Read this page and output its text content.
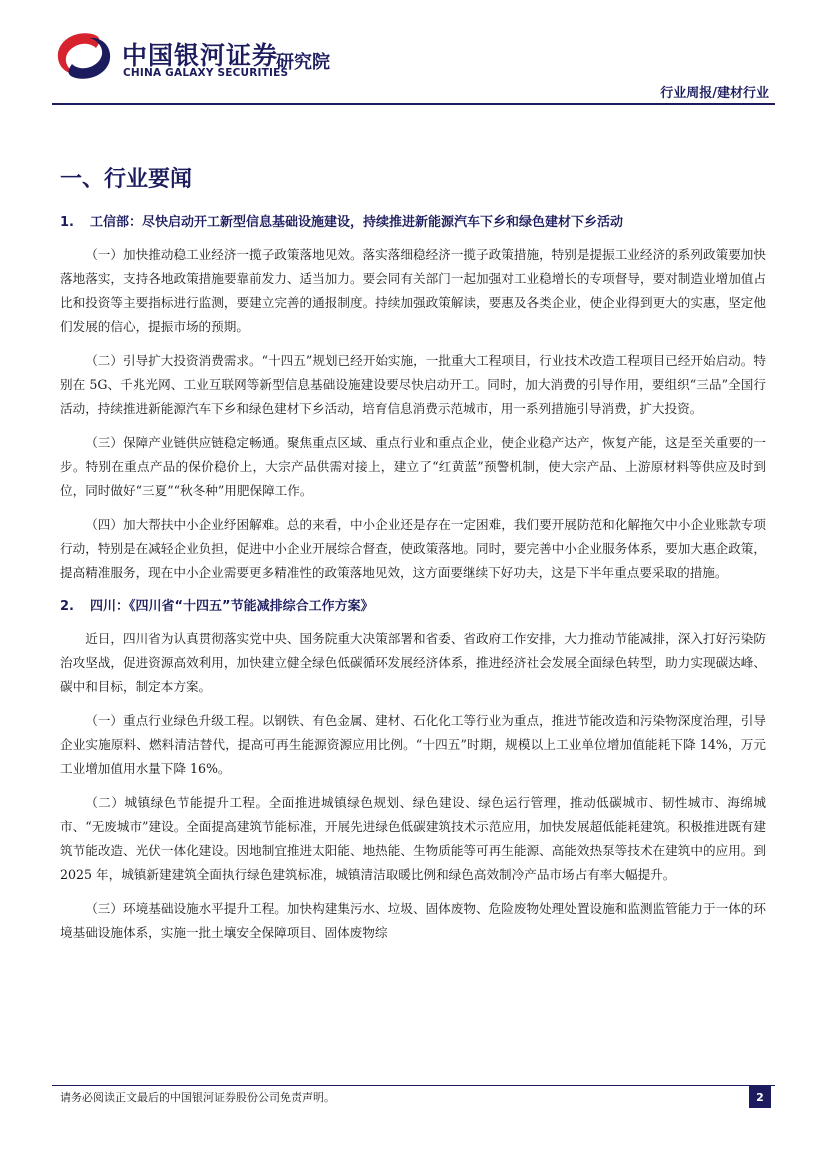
中国银河证券
CHINA GALAXY SECURITIES
研究院
行业周报/建材行业
一、行业要闻
1.	工信部：尽快启动开工新型信息基础设施建设，持续推进新能源汽车下乡和绿色建材下乡活动

（一）加快推动稳工业经济一揽子政策落地见效。落实落细稳经济一揽子政策措施，特别是提振工业经济的系列政策要加快落地落实，支持各地政策措施要靠前发力、适当加力。要会同有关部门一起加强对工业稳增长的专项督导，要对制造业增加值占比和投资等主要指标进行监测，要建立完善的通报制度。持续加强政策解读，要惠及各类企业，使企业得到更大的实惠，坚定他们发展的信心，提振市场的预期。

（二）引导扩大投资消费需求。“十四五”规划已经开始实施，一批重大工程项目，行业技术改造工程项目已经开始启动。特别在 5G、千兆光网、工业互联网等新型信息基础设施建设要尽快启动开工。同时，加大消费的引导作用，要组织“三品”全国行活动，持续推进新能源汽车下乡和绿色建材下乡活动，培育信息消费示范城市，用一系列措施引导消费，扩大投资。

（三）保障产业链供应链稳定畅通。聚焦重点区域、重点行业和重点企业，使企业稳产达产，恢复产能，这是至关重要的一步。特别在重点产品的保价稳价上，大宗产品供需对接上，建立了“红黄蓝”预警机制，使大宗产品、上游原材料等供应及时到位，同时做好“三夏”“秋冬种”用肥保障工作。

（四）加大帮扶中小企业纾困解难。总的来看，中小企业还是存在一定困难，我们要开展防范和化解拖欠中小企业账款专项行动，特别是在减轻企业负担，促进中小企业开展综合督查，使政策落地。同时，要完善中小企业服务体系，要加大惠企政策，提高精准服务，现在中小企业需要更多精准性的政策落地见效，这方面要继续下好功夫，这是下半年重点要采取的措施。

2.	四川：《四川省“十四五”节能减排综合工作方案》

近日，四川省为认真贯彻落实党中央、国务院重大决策部署和省委、省政府工作安排，大力推动节能减排，深入打好污染防治攻坚战，促进资源高效利用，加快建立健全绿色低碳循环发展经济体系，推进经济社会发展全面绿色转型，助力实现碳达峰、碳中和目标，制定本方案。

（一）重点行业绿色升级工程。以钢铁、有色金属、建材、石化化工等行业为重点，推进节能改造和污染物深度治理，引导企业实施原料、燃料清洁替代，提高可再生能源资源应用比例。“十四五”时期，规模以上工业单位增加值能耗下降 14%，万元工业增加值用水量下降 16%。

（二）城镇绿色节能提升工程。全面推进城镇绿色规划、绿色建设、绿色运行管理，推动低碳城市、韧性城市、海绵城市、“无废城市”建设。全面提高建筑节能标准，开展先进绿色低碳建筑技术示范应用，加快发展超低能耗建筑。积极推进既有建筑节能改造、光伏一体化建设。因地制宜推进太阳能、地热能、生物质能等可再生能源、高能效热泵等技术在建筑中的应用。到 2025 年，城镇新建建筑全面执行绿色建筑标准，城镇清洁取暖比例和绿色高效制冷产品市场占有率大幅提升。

（三）环境基础设施水平提升工程。加快构建集污水、垃圾、固体废物、危险废物处理处置设施和监测监管能力于一体的环境基础设施体系，实施一批土壤安全保障项目、固体废物综

请务必阅读正文最后的中国银河证券股份公司免责声明。	2
